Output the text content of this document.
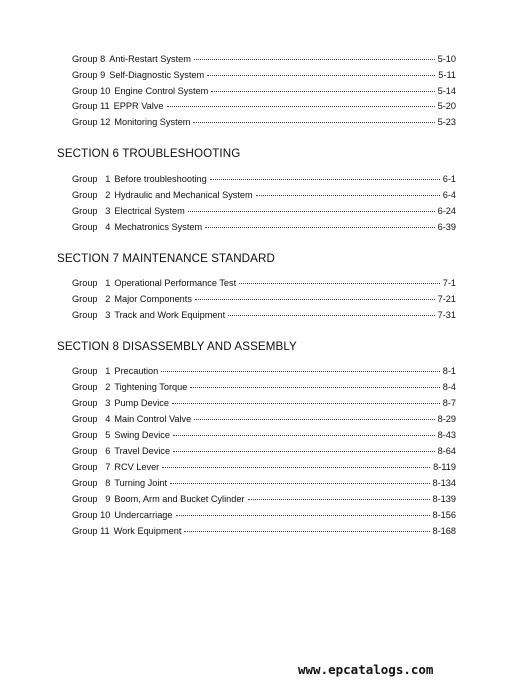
Group 8 Anti-Restart System	5-10
Group 9 Self-Diagnostic System	5-11
Group 10 Engine Control System	5-14
Group 11 EPPR Valve	5-20
Group 12 Monitoring System	5-23
SECTION 6 TROUBLESHOOTING
Group   1 Before troubleshooting	6-1
Group   2 Hydraulic and Mechanical System	6-4
Group   3 Electrical System	6-24
Group   4 Mechatronics System	6-39
SECTION 7 MAINTENANCE STANDARD
Group   1 Operational Performance Test	7-1
Group   2 Major Components	7-21
Group   3 Track and Work Equipment	7-31
SECTION 8 DISASSEMBLY AND ASSEMBLY
Group   1 Precaution	8-1
Group   2 Tightening Torque	8-4
Group   3 Pump Device	8-7
Group   4 Main Control Valve	8-29
Group   5 Swing Device	8-43
Group   6 Travel Device	8-64
Group   7 RCV Lever	8-119
Group   8 Turning Joint	8-134
Group   9 Boom, Arm and Bucket Cylinder	8-139
Group 10 Undercarriage	8-156
Group 11 Work Equipment	8-168
www.epcatalogs.com
